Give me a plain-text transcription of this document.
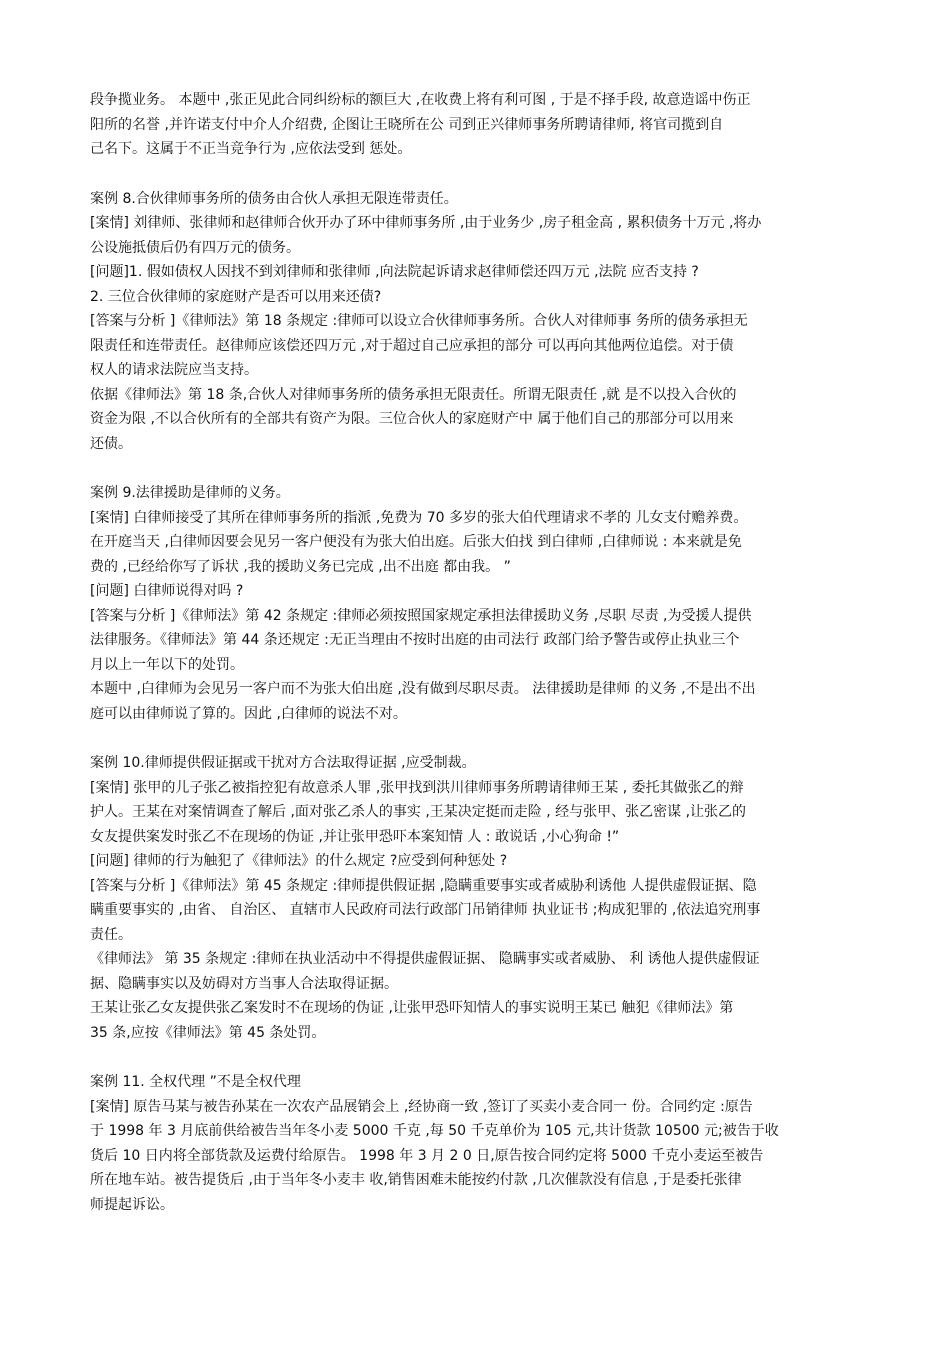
段争揽业务。 本题中 ,张正见此合同纠纷标的额巨大 ,在收费上将有利可图 , 于是不择手段, 故意造谣中伤正
阳所的名誉 ,并许诺支付中介人介绍费, 企图让王晓所在公 司到正兴律师事务所聘请律师, 将官司揽到自
己名下。这属于不正当竞争行为 ,应依法受到 惩处。
案例 8.合伙律师事务所的债务由合伙人承担无限连带责任。
[案情] 刘律师、张律师和赵律师合伙开办了环中律师事务所 ,由于业务少 ,房子租金高 , 累积债务十万元 ,将办
公设施抵债后仍有四万元的债务。
[问题]1. 假如债权人因找不到刘律师和张律师 ,向法院起诉请求赵律师偿还四万元 ,法院 应否支持 ?
2. 三位合伙律师的家庭财产是否可以用来还债?
[答案与分析 ]《律师法》第 18 条规定 :律师可以设立合伙律师事务所。合伙人对律师事 务所的债务承担无
限责任和连带责任。赵律师应该偿还四万元 ,对于超过自己应承担的部分 可以再向其他两位追偿。对于债
权人的请求法院应当支持。
依据《律师法》第 18 条,合伙人对律师事务所的债务承担无限责任。所谓无限责任 ,就 是不以投入合伙的
资金为限 ,不以合伙所有的全部共有资产为限。三位合伙人的家庭财产中 属于他们自己的那部分可以用来
还债。
案例 9.法律援助是律师的义务。
[案情] 白律师接受了其所在律师事务所的指派 ,免费为 70 多岁的张大伯代理请求不孝的 儿女支付赡养费。
在开庭当天 ,白律师因要会见另一客户便没有为张大伯出庭。后张大伯找 到白律师 ,白律师说 : 本来就是免
费的 ,已经给你写了诉状 ,我的援助义务已完成 ,出不出庭 都由我。 ”
[问题] 白律师说得对吗 ?
[答案与分析 ]《律师法》第 42 条规定 :律师必须按照国家规定承担法律援助义务 ,尽职 尽责 ,为受援人提供
法律服务。《律师法》第 44 条还规定 :无正当理由不按时出庭的由司法行 政部门给予警告或停止执业三个
月以上一年以下的处罚。
本题中 ,白律师为会见另一客户而不为张大伯出庭 ,没有做到尽职尽责。 法律援助是律师 的义务 ,不是出不出
庭可以由律师说了算的。因此 ,白律师的说法不对。
案例 10.律师提供假证据或干扰对方合法取得证据 ,应受制裁。
[案情] 张甲的儿子张乙被指控犯有故意杀人罪 ,张甲找到洪川律师事务所聘请律师王某 , 委托其做张乙的辩
护人。王某在对案情调查了解后 ,面对张乙杀人的事实 ,王某决定挺而走险 , 经与张甲、张乙密谋 ,让张乙的
女友提供案发时张乙不在现场的伪证 ,并让张甲恐吓本案知情 人 : 敢说话 ,小心狗命 !”
[问题] 律师的行为触犯了《律师法》的什么规定 ?应受到何种惩处 ?
[答案与分析 ]《律师法》第 45 条规定 :律师提供假证据 ,隐瞒重要事实或者威胁利诱他 人提供虚假证据、隐
瞒重要事实的 ,由省、 自治区、 直辖市人民政府司法行政部门吊销律师 执业证书 ;构成犯罪的 ,依法追究刑事
责任。
《律师法》 第 35 条规定 :律师在执业活动中不得提供虚假证据、 隐瞒事实或者威胁、 利 诱他人提供虚假证
据、隐瞒事实以及妨碍对方当事人合法取得证据。
王某让张乙女友提供张乙案发时不在现场的伪证 ,让张甲恐吓知情人的事实说明王某已 触犯《律师法》第
35 条,应按《律师法》第 45 条处罚。
案例 11. 全权代理 ”不是全权代理
[案情] 原告马某与被告孙某在一次农产品展销会上 ,经协商一致 ,签订了买卖小麦合同一 份。合同约定 :原告
于 1998 年 3 月底前供给被告当年冬小麦 5000 千克 ,每 50 千克单价为 105 元,共计货款 10500 元;被告于收
货后 10 日内将全部货款及运费付给原告。 1998 年 3 月 2 0 日,原告按合同约定将 5000 千克小麦运至被告
所在地车站。被告提货后 ,由于当年冬小麦丰 收,销售困难未能按约付款 ,几次催款没有信息 ,于是委托张律
师提起诉讼。
